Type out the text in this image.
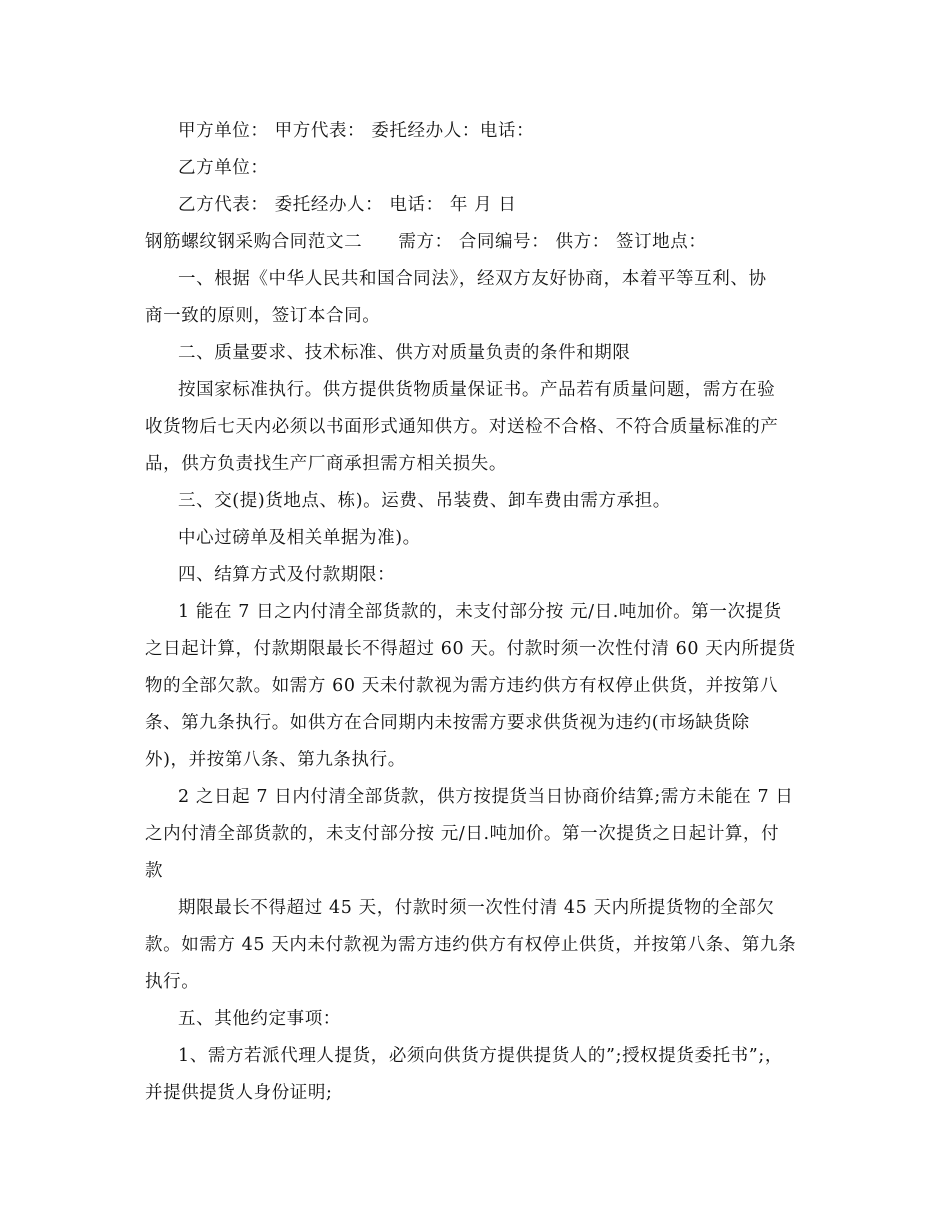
甲方单位： 甲方代表： 委托经办人：电话：
乙方单位：
乙方代表： 委托经办人： 电话： 年 月 日
钢筋螺纹钢采购合同范文二　　需方： 合同编号： 供方： 签订地点：
一、根据《中华人民共和国合同法》，经双方友好协商，本着平等互利、协
商一致的原则，签订本合同。
二、质量要求、技术标准、供方对质量负责的条件和期限
按国家标准执行。供方提供货物质量保证书。产品若有质量问题，需方在验
收货物后七天内必须以书面形式通知供方。对送检不合格、不符合质量标准的产
品，供方负责找生产厂商承担需方相关损失。
三、交(提)货地点、栋)。运费、吊装费、卸车费由需方承担。
中心过磅单及相关单据为准)。
四、结算方式及付款期限：
1 能在 7 日之内付清全部货款的，未支付部分按 元/日.吨加价。第一次提货
之日起计算，付款期限最长不得超过 60 天。付款时须一次性付清 60 天内所提货
物的全部欠款。如需方 60 天未付款视为需方违约供方有权停止供货，并按第八
条、第九条执行。如供方在合同期内未按需方要求供货视为违约(市场缺货除
外)，并按第八条、第九条执行。
2 之日起 7 日内付清全部货款，供方按提货当日协商价结算;需方未能在 7 日
之内付清全部货款的，未支付部分按 元/日.吨加价。第一次提货之日起计算，付
款
期限最长不得超过 45 天，付款时须一次性付清 45 天内所提货物的全部欠
款。如需方 45 天内未付款视为需方违约供方有权停止供货，并按第八条、第九条
执行。
五、其他约定事项：
1、需方若派代理人提货，必须向供货方提供提货人的”;授权提货委托书”;，
并提供提货人身份证明;
